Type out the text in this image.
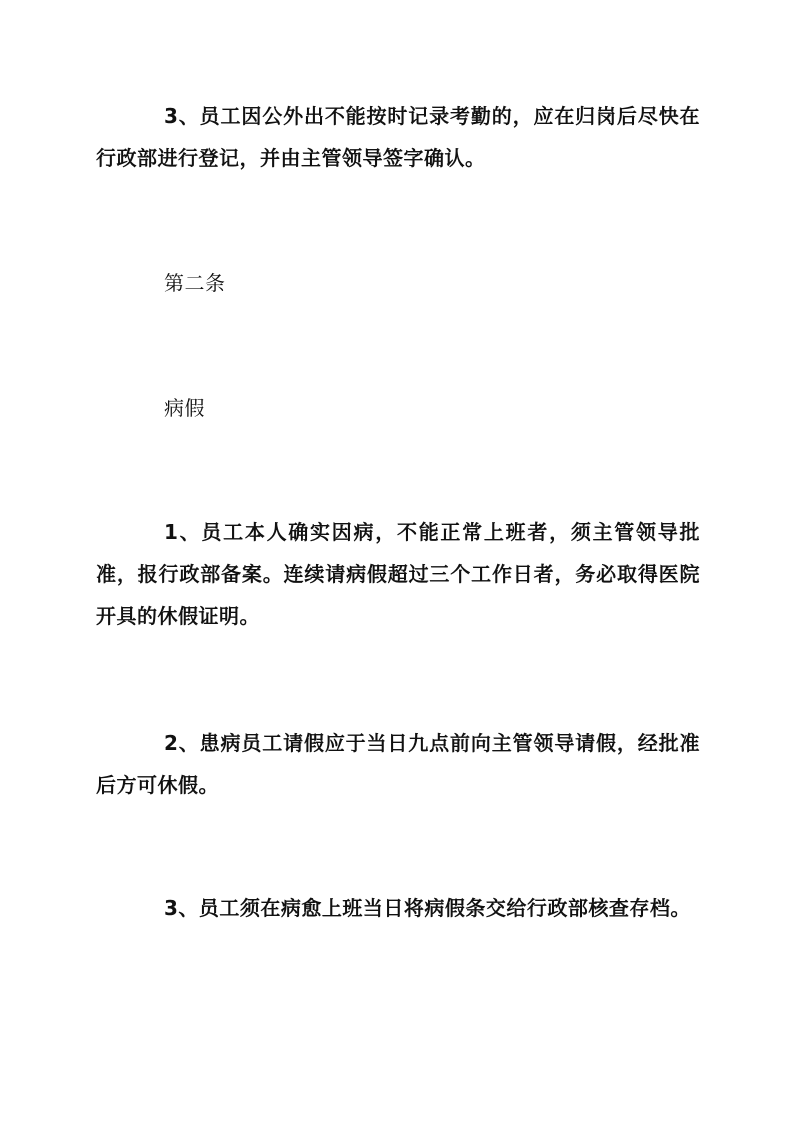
3、员工因公外出不能按时记录考勤的，应在归岗后尽快在行政部进行登记，并由主管领导签字确认。

第二条

病假

1、员工本人确实因病，不能正常上班者，须主管领导批准，报行政部备案。连续请病假超过三个工作日者，务必取得医院开具的休假证明。

2、患病员工请假应于当日九点前向主管领导请假，经批准后方可休假。

3、员工须在病愈上班当日将病假条交给行政部核查存档。
